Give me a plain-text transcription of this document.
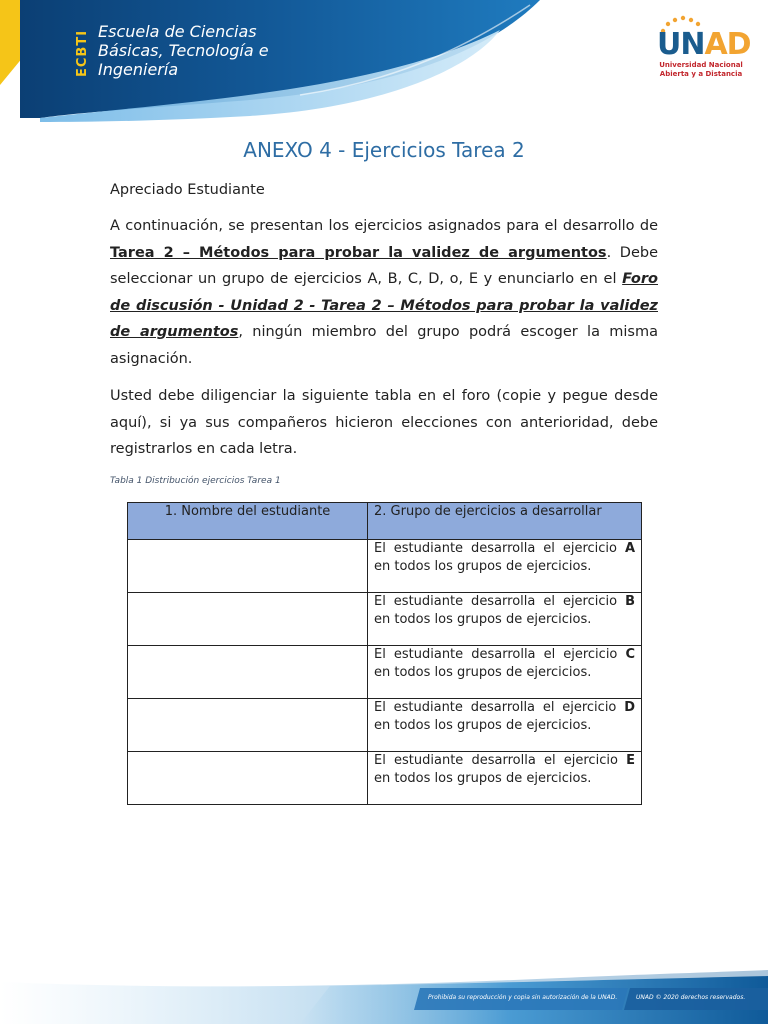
ECBTI Escuela de Ciencias
Básicas, Tecnología e
Ingeniería
UNAD
Universidad Nacional
Abierta y a Distancia
ANEXO 4 - Ejercicios Tarea 2
Apreciado Estudiante
A continuación, se presentan los ejercicios asignados para el desarrollo de Tarea 2 – Métodos para probar la validez de argumentos. Debe seleccionar un grupo de ejercicios A, B, C, D, o, E y enunciarlo en el Foro de discusión - Unidad 2 - Tarea 2 – Métodos para probar la validez de argumentos, ningún miembro del grupo podrá escoger la misma asignación.
Usted debe diligenciar la siguiente tabla en el foro (copie y pegue desde aquí), si ya sus compañeros hicieron elecciones con anterioridad, debe registrarlos en cada letra.
Tabla 1 Distribución ejercicios Tarea 1
1. Nombre del estudiante	2. Grupo de ejercicios a desarrollar
	El estudiante desarrolla el ejercicio A en todos los grupos de ejercicios.
	El estudiante desarrolla el ejercicio B en todos los grupos de ejercicios.
	El estudiante desarrolla el ejercicio C en todos los grupos de ejercicios.
	El estudiante desarrolla el ejercicio D en todos los grupos de ejercicios.
	El estudiante desarrolla el ejercicio E en todos los grupos de ejercicios.
Prohibida su reproducción y copia sin autorización de la UNAD.	UNAD © 2020 derechos reservados.
